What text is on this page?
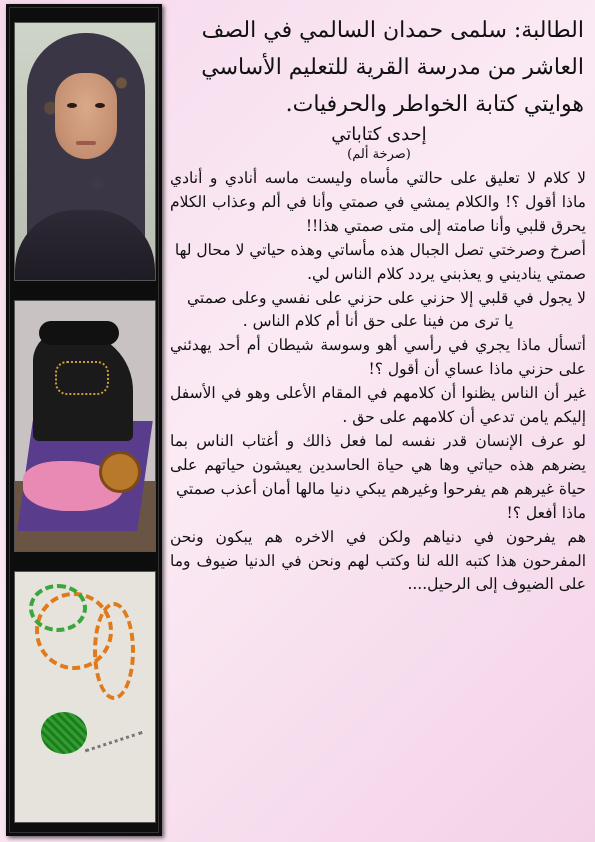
الطالبة: سلمى حمدان السالمي في الصف
العاشر من مدرسة القرية للتعليم الأساسي
هوايتي كتابة الخواطر والحرفيات.
إحدى كتاباتي
(صرخة ألم)

لا كلام لا تعليق على حالتي مأساه وليست ماسه أنادي و أنادي ماذا أقول ؟! والكلام يمشي في صمتي وأنا في ألم وعذاب الكلام يحرق قلبي وأنا صامته إلى متى صمتي هذا!!

أصرخ وصرختي تصل الجبال هذه مأساتي وهذه حياتي لا محال لها

صمتي يناديني و يعذبني يردد كلام الناس لي.

لا يجول في قلبي إلا حزني على حزني على نفسي وعلى صمتي

يا ترى من فينا على حق أنا أم كلام الناس .

أتسأل ماذا يجري في رأسي أهو وسوسة شيطان أم أحد يهدئني على حزني ماذا عساي أن أقول ؟!

غير أن الناس يظنوا أن كلامهم في المقام الأعلى وهو في الأسفل إليكم يامن تدعي أن كلامهم على حق .

لو عرف الإنسان قدر نفسه لما فعل ذالك و أغتاب الناس بما يضرهم هذه حياتي وها هي حياة الحاسدين يعيشون حياتهم على حياة غيرهم هم يفرحوا وغيرهم يبكي دنيا مالها أمان أعذب صمتي

ماذا أفعل ؟!

هم يفرحون في دنياهم ولكن في الاخره هم يبكون ونحن المفرحون هذا كتبه الله لنا وكتب لهم ونحن في الدنيا ضيوف وما على الضيوف إلى الرحيل....
